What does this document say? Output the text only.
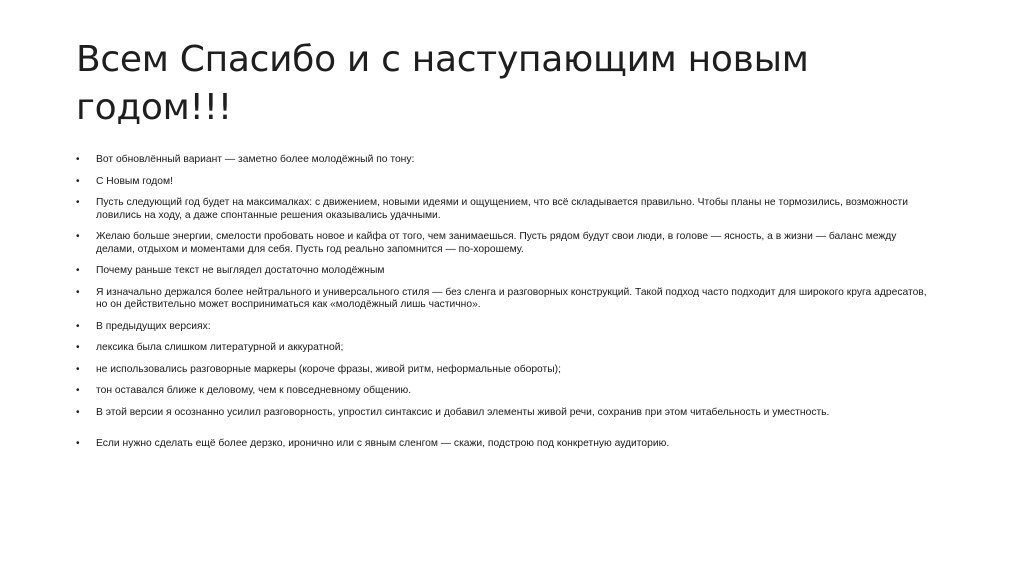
Всем Спасибо и с наступающим новым годом!!!
• Вот обновлённый вариант — заметно более молодёжный по тону:
• С Новым годом!
• Пусть следующий год будет на максималках: с движением, новыми идеями и ощущением, что всё складывается правильно. Чтобы планы не тормозились, возможности ловились на ходу, а даже спонтанные решения оказывались удачными.
• Желаю больше энергии, смелости пробовать новое и кайфа от того, чем занимаешься. Пусть рядом будут свои люди, в голове — ясность, а в жизни — баланс между делами, отдыхом и моментами для себя. Пусть год реально запомнится — по-хорошему.
• Почему раньше текст не выглядел достаточно молодёжным
• Я изначально держался более нейтрального и универсального стиля — без сленга и разговорных конструкций. Такой подход часто подходит для широкого круга адресатов, но он действительно может восприниматься как «молодёжный лишь частично».
• В предыдущих версиях:
• лексика была слишком литературной и аккуратной;
• не использовались разговорные маркеры (короче фразы, живой ритм, неформальные обороты);
• тон оставался ближе к деловому, чем к повседневному общению.
• В этой версии я осознанно усилил разговорность, упростил синтаксис и добавил элементы живой речи, сохранив при этом читабельность и уместность.
• Если нужно сделать ещё более дерзко, иронично или с явным сленгом — скажи, подстрою под конкретную аудиторию.
